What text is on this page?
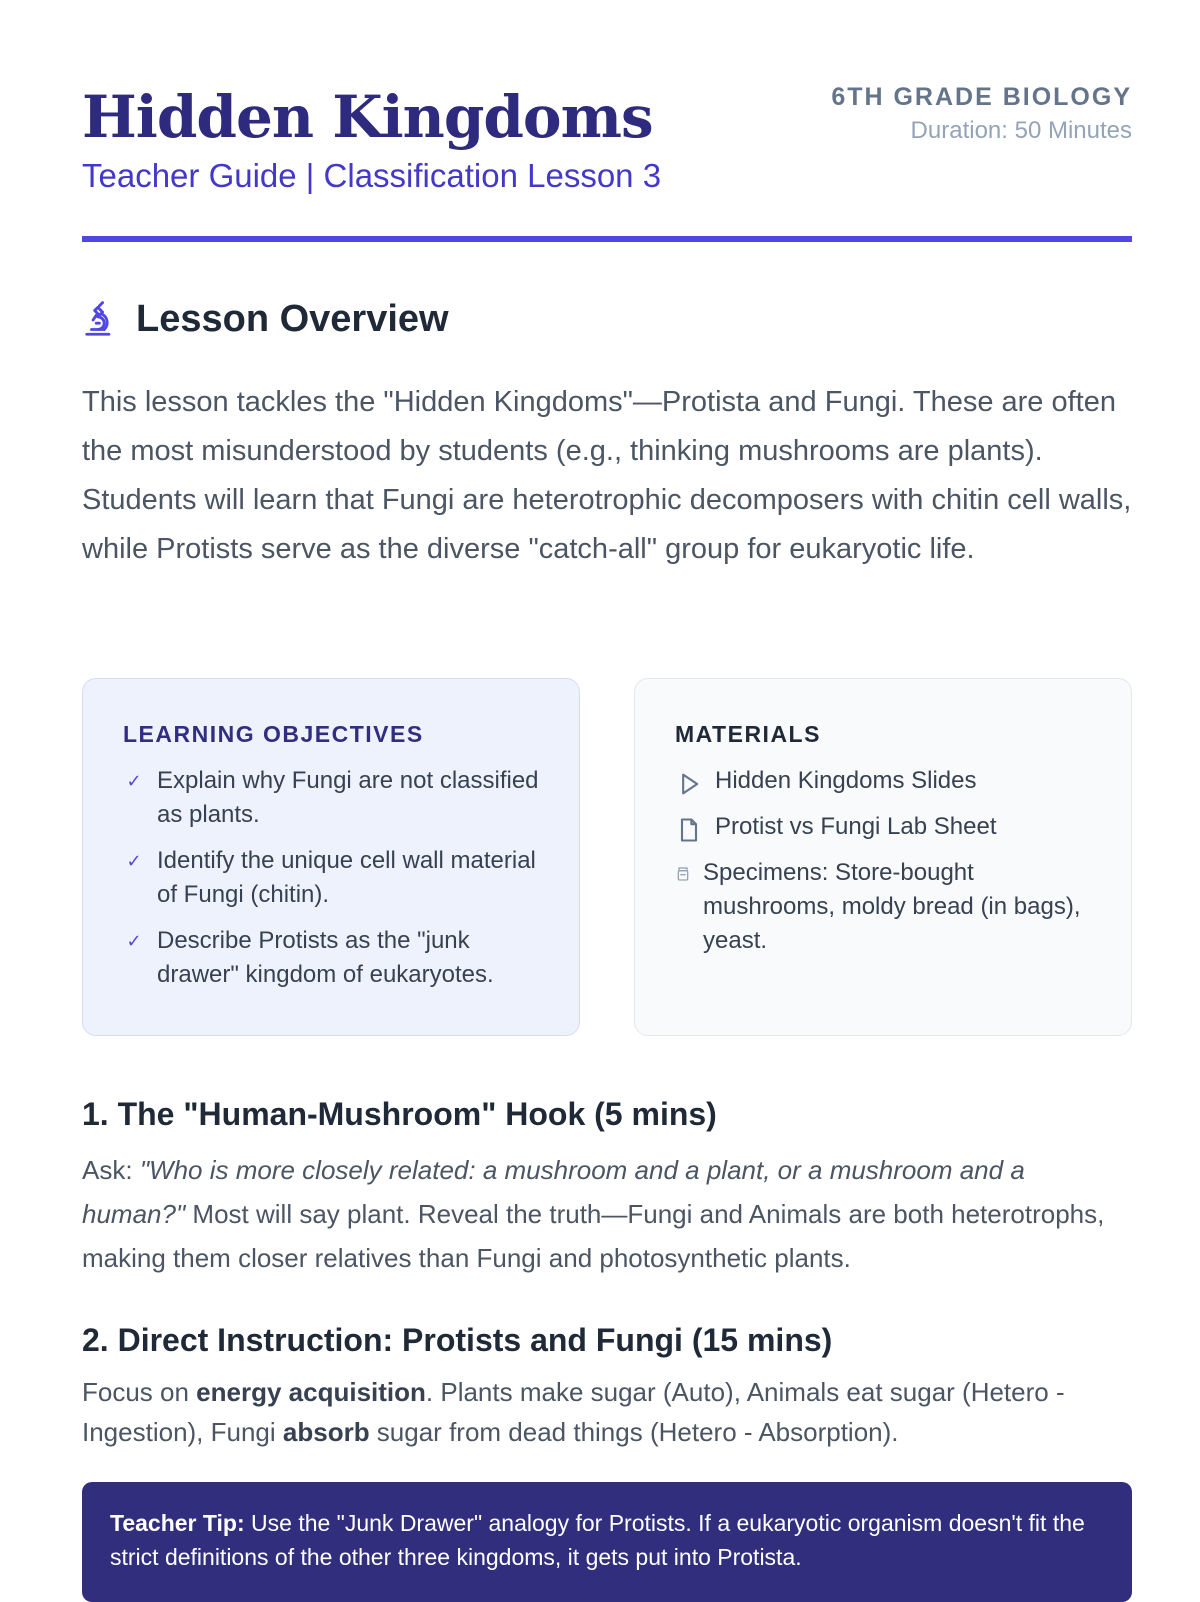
Hidden Kingdoms
Teacher Guide | Classification Lesson 3
6TH GRADE BIOLOGY
Duration: 50 Minutes
Lesson Overview

This lesson tackles the "Hidden Kingdoms"—Protista and Fungi. These are often the most misunderstood by students (e.g., thinking mushrooms are plants). Students will learn that Fungi are heterotrophic decomposers with chitin cell walls, while Protists serve as the diverse "catch-all" group for eukaryotic life.

LEARNING OBJECTIVES
✓ Explain why Fungi are not classified as plants.
✓ Identify the unique cell wall material of Fungi (chitin).
✓ Describe Protists as the "junk drawer" kingdom of eukaryotes.
MATERIALS
Hidden Kingdoms Slides
Protist vs Fungi Lab Sheet
Specimens: Store-bought mushrooms, moldy bread (in bags), yeast.
1. The "Human-Mushroom" Hook (5 mins)

Ask: "Who is more closely related: a mushroom and a plant, or a mushroom and a human?" Most will say plant. Reveal the truth—Fungi and Animals are both heterotrophs, making them closer relatives than Fungi and photosynthetic plants.

2. Direct Instruction: Protists and Fungi (15 mins)

Focus on energy acquisition. Plants make sugar (Auto), Animals eat sugar (Hetero - Ingestion), Fungi absorb sugar from dead things (Hetero - Absorption).

Teacher Tip: Use the "Junk Drawer" analogy for Protists. If a eukaryotic organism doesn't fit the strict definitions of the other three kingdoms, it gets put into Protista.
